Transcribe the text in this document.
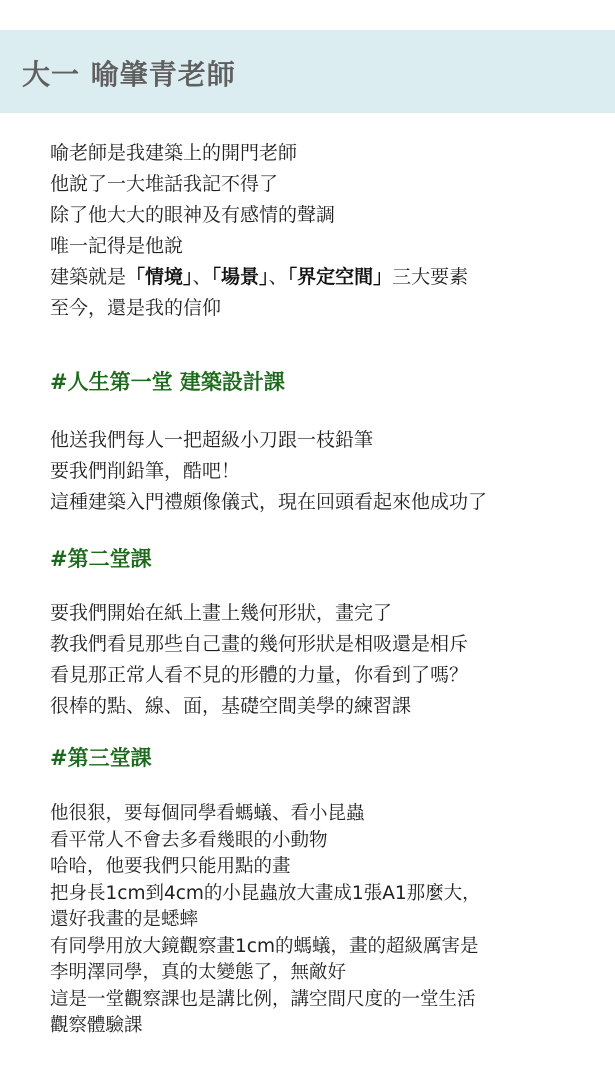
大一 喻肇青老師
喻老師是我建築上的開門老師
他說了一大堆話我記不得了
除了他大大的眼神及有感情的聲調
唯一記得是他說
建築就是「情境」、「場景」、「界定空間」三大要素
至今，還是我的信仰
#人生第一堂 建築設計課
他送我們每人一把超級小刀跟一枝鉛筆
要我們削鉛筆，酷吧！
這種建築入門禮頗像儀式，現在回頭看起來他成功了
#第二堂課
要我們開始在紙上畫上幾何形狀，畫完了
教我們看見那些自己畫的幾何形狀是相吸還是相斥
看見那正常人看不見的形體的力量，你看到了嗎？
很棒的點、線、面，基礎空間美學的練習課
#第三堂課
他很狠，要每個同學看螞蟻、看小昆蟲
看平常人不會去多看幾眼的小動物
哈哈，他要我們只能用點的畫
把身長1cm到4cm的小昆蟲放大畫成1張A1那麼大，
還好我畫的是蟋蟀
有同學用放大鏡觀察畫1cm的螞蟻，畫的超級厲害是
李明澤同學，真的太變態了，無敵好
這是一堂觀察課也是講比例，講空間尺度的一堂生活
觀察體驗課
